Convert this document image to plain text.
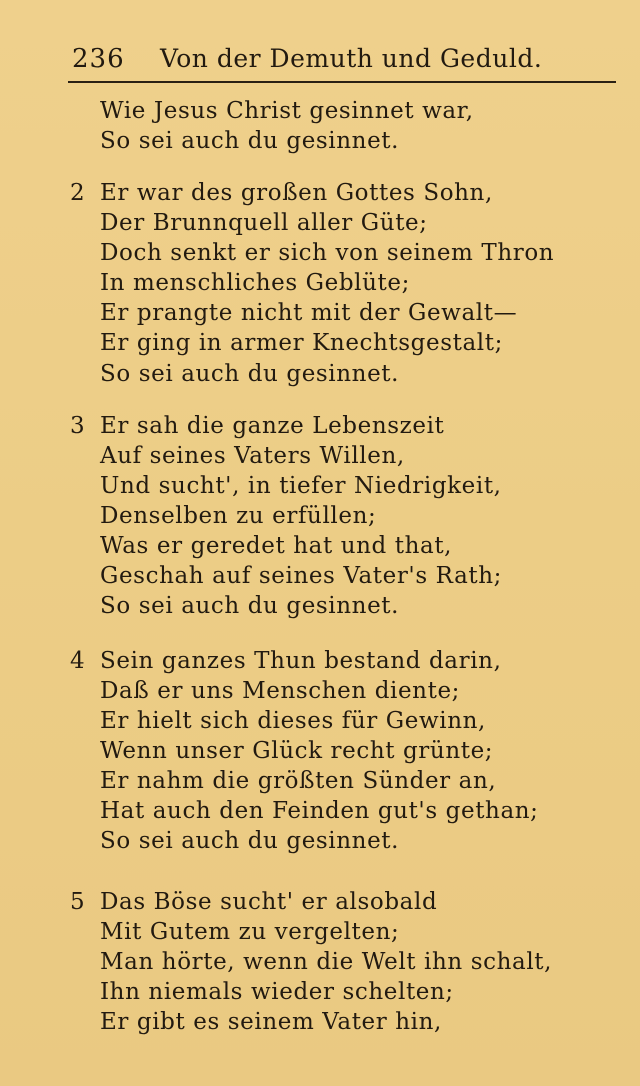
236 Von der Demuth und Geduld.
Wie Jesus Christ gesinnet war,
So sei auch du gesinnet.
2 Er war des großen Gottes Sohn,
Der Brunnquell aller Güte;
Doch senkt er sich von seinem Thron
In menschliches Geblüte;
Er prangte nicht mit der Gewalt—
Er ging in armer Knechtsgestalt;
So sei auch du gesinnet.
3 Er sah die ganze Lebenszeit
Auf seines Vaters Willen,
Und sucht', in tiefer Niedrigkeit,
Denselben zu erfüllen;
Was er geredet hat und that,
Geschah auf seines Vater's Rath;
So sei auch du gesinnet.
4 Sein ganzes Thun bestand darin,
Daß er uns Menschen diente;
Er hielt sich dieses für Gewinn,
Wenn unser Glück recht grünte;
Er nahm die größten Sünder an,
Hat auch den Feinden gut's gethan;
So sei auch du gesinnet.
5 Das Böse sucht' er alsobald
Mit Gutem zu vergelten;
Man hörte, wenn die Welt ihn schalt,
Ihn niemals wieder schelten;
Er gibt es seinem Vater hin,
